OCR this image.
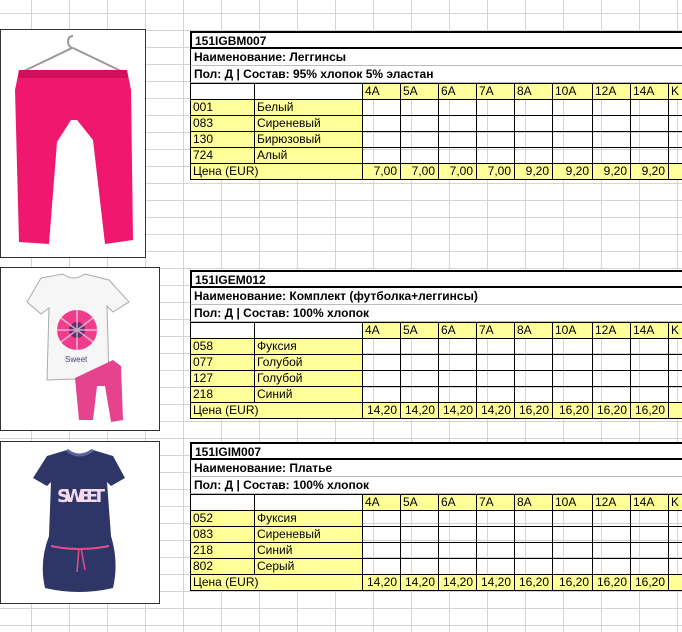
Sweet
SWEET
151IGBM007
Наименование: Леггинсы
Пол: Д | Состав: 95% хлопок 5% эластан
		4A	5A	6A	7A	8A	10A	12A	14A	K
001	Белый									
083	Сиреневый									
130	Бирюзовый									
724	Алый									
Цена (EUR)		7,00	7,00	7,00	7,00	9,20	9,20	9,20	9,20	
151IGEM012
Наименование: Комплект (футболка+леггинсы)
Пол: Д | Состав: 100% хлопок
		4A	5A	6A	7A	8A	10A	12A	14A	K
058	Фуксия									
077	Голубой									
127	Голубой									
218	Синий									
Цена (EUR)		14,20	14,20	14,20	14,20	16,20	16,20	16,20	16,20	
151IGIM007
Наименование: Платье
Пол: Д | Состав: 100% хлопок
		4A	5A	6A	7A	8A	10A	12A	14A	K
052	Фуксия									
083	Сиреневый									
218	Синий									
802	Серый									
Цена (EUR)		14,20	14,20	14,20	14,20	16,20	16,20	16,20	16,20	
